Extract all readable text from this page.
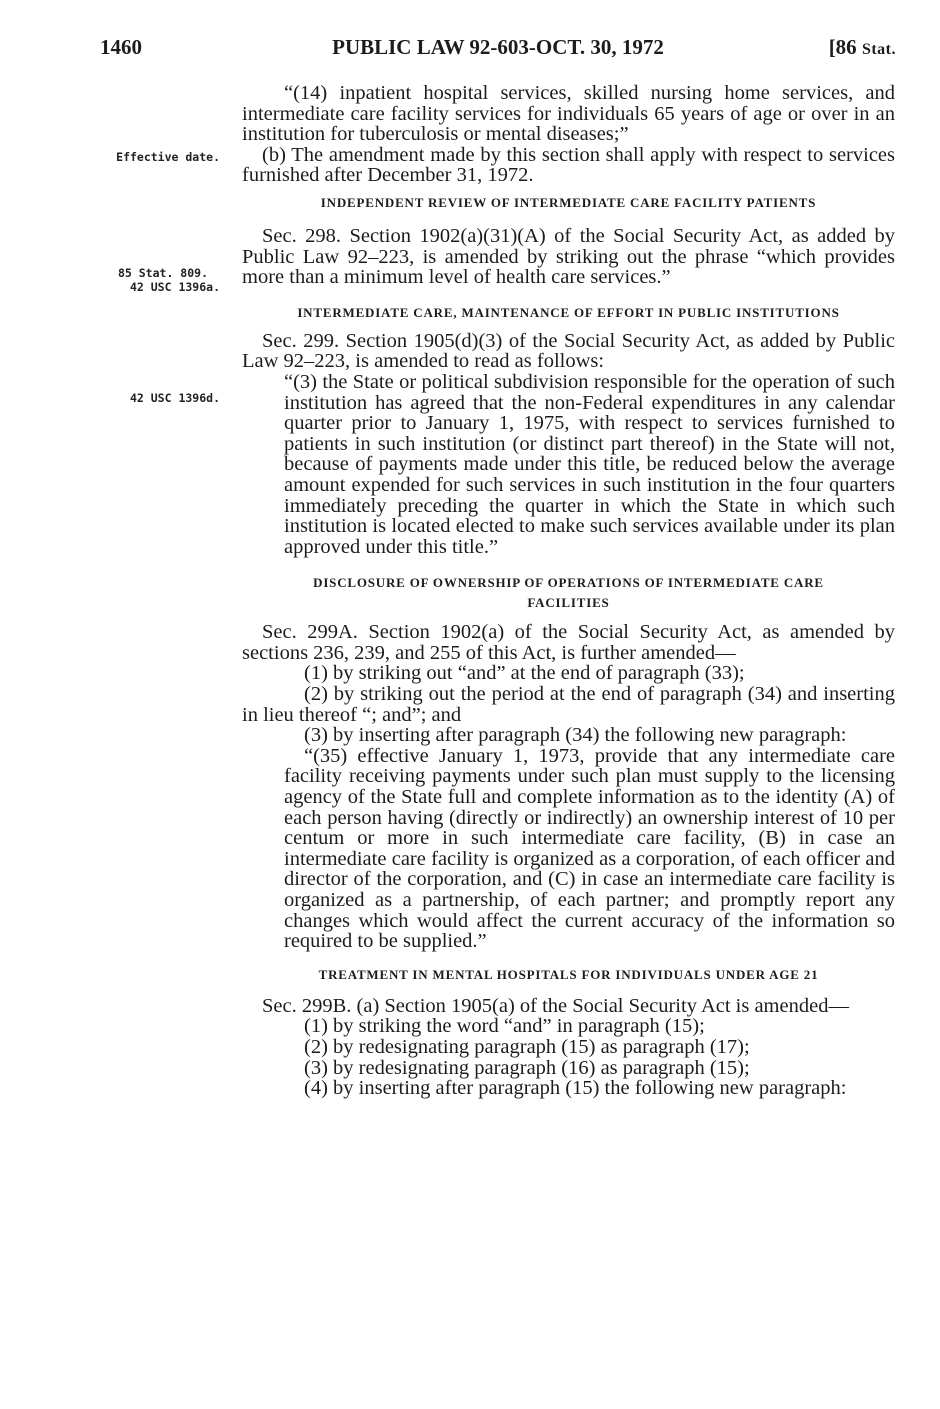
1460	PUBLIC LAW 92-603-OCT. 30, 1972	[86 Stat.
Effective date.
85 Stat. 809.
42 USC 1396a.
42 USC 1396d.

“(14) inpatient hospital services, skilled nursing home services, and intermediate care facility services for individuals 65 years of age or over in an institution for tuberculosis or mental diseases;”

(b) The amendment made by this section shall apply with respect to services furnished after December 31, 1972.

INDEPENDENT REVIEW OF INTERMEDIATE CARE FACILITY PATIENTS

Sec. 298. Section 1902(a)(31)(A) of the Social Security Act, as added by Public Law 92–223, is amended by striking out the phrase “which provides more than a minimum level of health care services.”

INTERMEDIATE CARE, MAINTENANCE OF EFFORT IN PUBLIC INSTITUTIONS

Sec. 299. Section 1905(d)(3) of the Social Security Act, as added by Public Law 92–223, is amended to read as follows:

“(3) the State or political subdivision responsible for the operation of such institution has agreed that the non-Federal expenditures in any calendar quarter prior to January 1, 1975, with respect to services furnished to patients in such institution (or distinct part thereof) in the State will not, because of payments made under this title, be reduced below the average amount expended for such services in such institution in the four quarters immediately preceding the quarter in which the State in which such institution is located elected to make such services available under its plan approved under this title.”

DISCLOSURE OF OWNERSHIP OF OPERATIONS OF INTERMEDIATE CARE
FACILITIES

Sec. 299A. Section 1902(a) of the Social Security Act, as amended by sections 236, 239, and 255 of this Act, is further amended—

(1) by striking out “and” at the end of paragraph (33);

(2) by striking out the period at the end of paragraph (34) and inserting in lieu thereof “; and”; and

(3) by inserting after paragraph (34) the following new paragraph:

“(35) effective January 1, 1973, provide that any intermediate care facility receiving payments under such plan must supply to the licensing agency of the State full and complete information as to the identity (A) of each person having (directly or indirectly) an ownership interest of 10 per centum or more in such intermediate care facility, (B) in case an intermediate care facility is organized as a corporation, of each officer and director of the corporation, and (C) in case an intermediate care facility is organized as a partnership, of each partner; and promptly report any changes which would affect the current accuracy of the information so required to be supplied.”

TREATMENT IN MENTAL HOSPITALS FOR INDIVIDUALS UNDER AGE 21

Sec. 299B. (a) Section 1905(a) of the Social Security Act is amended—

(1) by striking the word “and” in paragraph (15);

(2) by redesignating paragraph (15) as paragraph (17);

(3) by redesignating paragraph (16) as paragraph (15);

(4) by inserting after paragraph (15) the following new paragraph:
